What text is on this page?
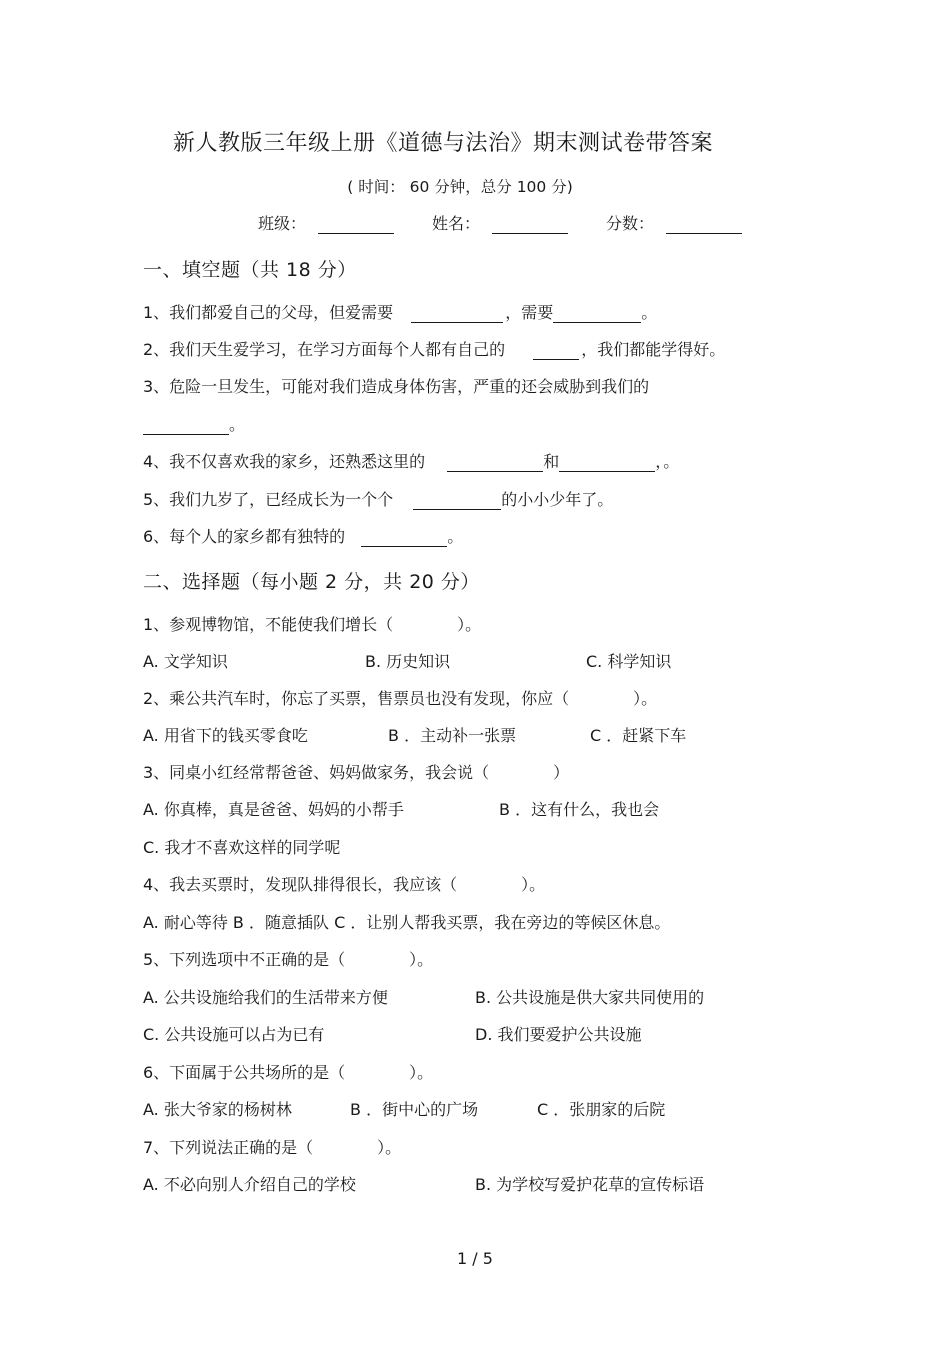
新人教版三年级上册《道德与法治》期末测试卷带答案
( 时间： 60 分钟，总分 100 分)
班级：	姓名：	分数：
一、填空题（共 18 分）
1、我们都爱自己的父母，但爱需要	，需要	。
2、我们天生爱学习，在学习方面每个人都有自己的	，我们都能学得好。
3、危险一旦发生，可能对我们造成身体伤害，严重的还会威胁到我们的
。
4、我不仅喜欢我的家乡，还熟悉这里的	和	，。
5、我们九岁了，已经成长为一个个	的小小少年了。
6、每个人的家乡都有独特的	。
二、选择题（每小题 2 分，共 20 分）
1、参观博物馆，不能使我们增长（　　　　）。
A. 文学知识	B. 历史知识	C. 科学知识
2、乘公共汽车时，你忘了买票，售票员也没有发现，你应（　　　　）。
A. 用省下的钱买零食吃	B ．主动补一张票	C ．赶紧下车
3、同桌小红经常帮爸爸、妈妈做家务，我会说（　　　　）
A. 你真棒，真是爸爸、妈妈的小帮手	B ．这有什么，我也会
C. 我才不喜欢这样的同学呢
4、我去买票时，发现队排得很长，我应该（　　　　）。
A. 耐心等待 B ．随意插队 C ．让别人帮我买票，我在旁边的等候区休息。
5、下列选项中不正确的是（　　　　）。
A. 公共设施给我们的生活带来方便	B. 公共设施是供大家共同使用的
C. 公共设施可以占为已有	D. 我们要爱护公共设施
6、下面属于公共场所的是（　　　　）。
A. 张大爷家的杨树林	B ．街中心的广场	C ．张朋家的后院
7、下列说法正确的是（　　　　）。
A. 不必向别人介绍自己的学校	B. 为学校写爱护花草的宣传标语
1 / 5
